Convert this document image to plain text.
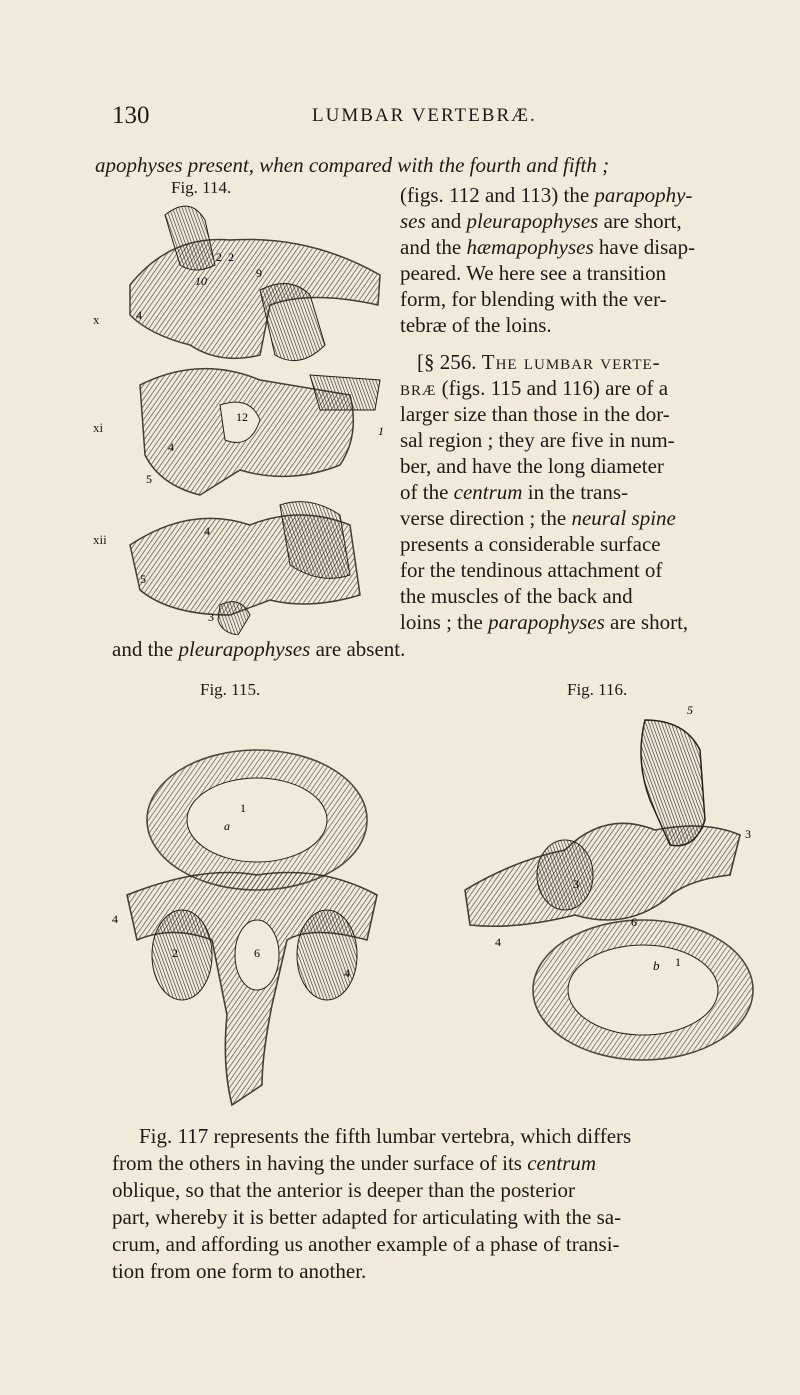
130	LUMBAR VERTEBRÆ.
apophyses present, when compared with the fourth and fifth ;
(figs. 112 and 113) the parapophy-
ses and pleurapophyses are short,
and the hæmapophyses have disap-
peared. We here see a transition
form, for blending with the ver-
tebræ of the loins.
[§ 256. The lumbar verte-
bræ (figs. 115 and 116) are of a
larger size than those in the dor-
sal region ; they are five in num-
ber, and have the long diameter
of the centrum in the trans-
verse direction ; the neural spine
presents a considerable surface
for the tendinous attachment of
the muscles of the back and
loins ; the parapophyses are short,
and the pleurapophyses are absent.
Fig. 114.
x
xi
xii
2 2
10
4
9
12
1
4
5
4
5
3
Fig. 115.	Fig. 116.
1
a
4
2	6
4
5
3
3
6
4
b 1
Fig. 117 represents the fifth lumbar vertebra, which differs
from the others in having the under surface of its centrum
oblique, so that the anterior is deeper than the posterior
part, whereby it is better adapted for articulating with the sa-
crum, and affording us another example of a phase of transi-
tion from one form to another.
